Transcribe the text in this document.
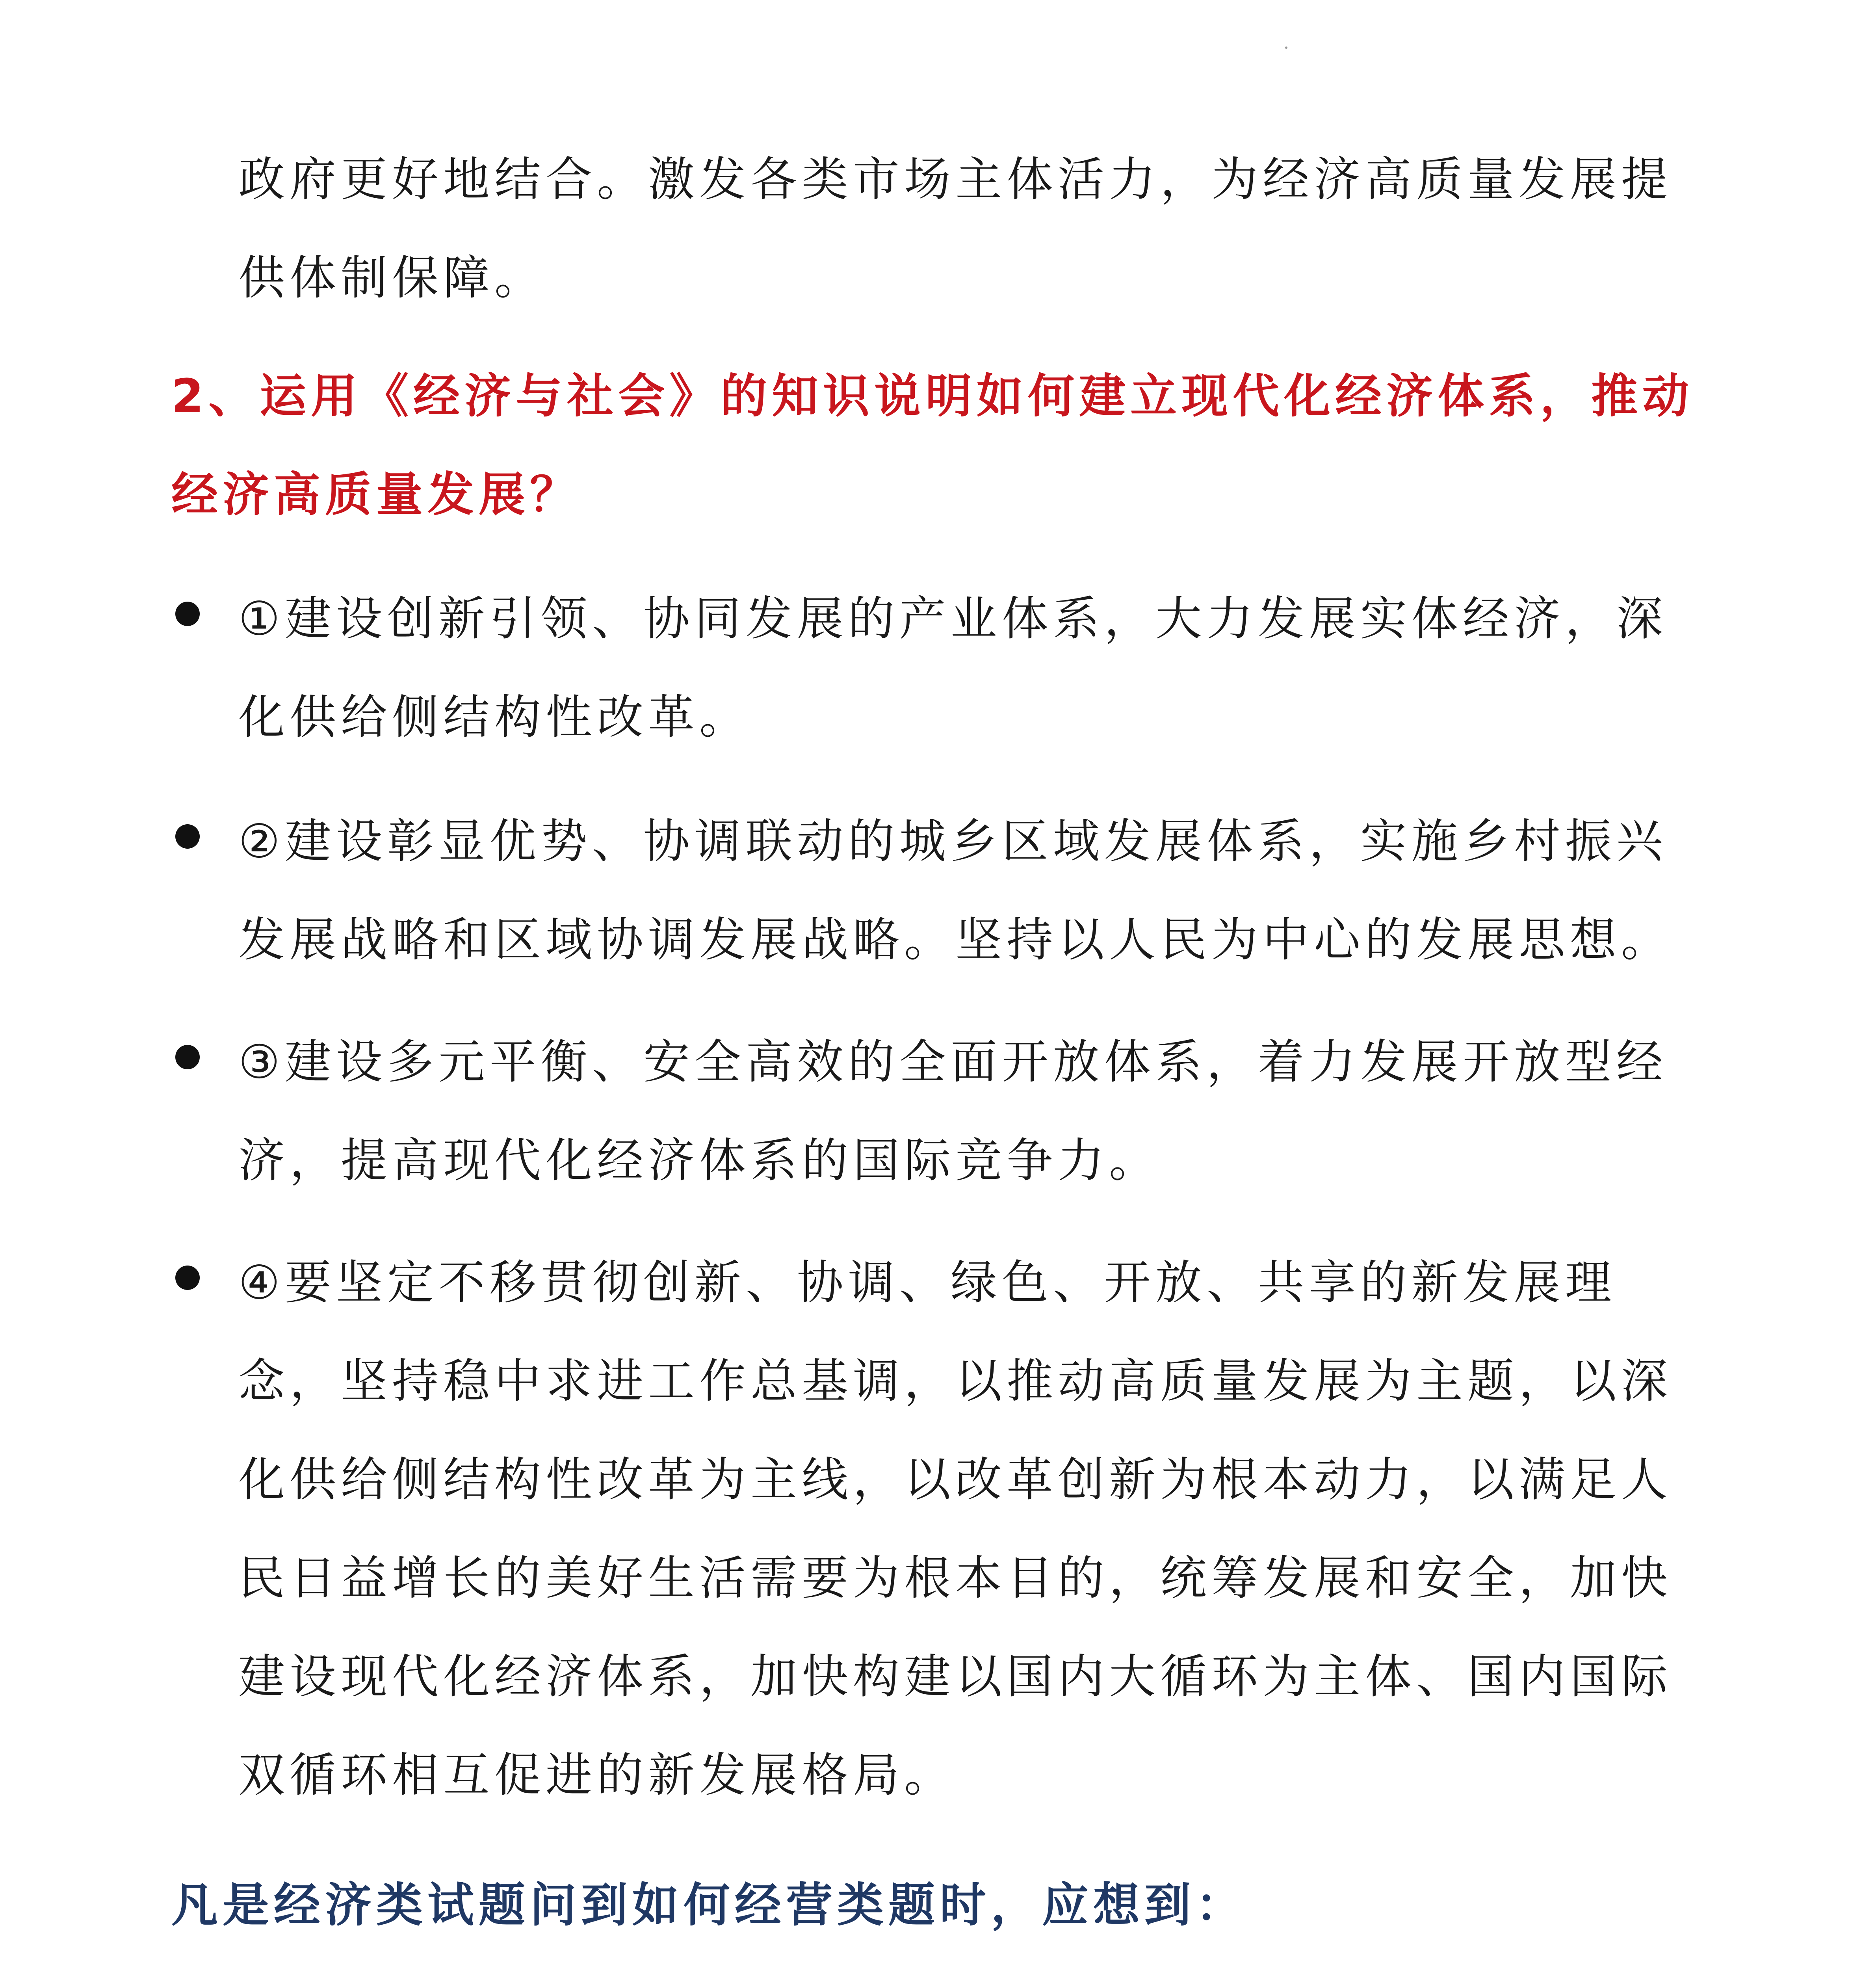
政府更好地结合。激发各类市场主体活力，为经济高质量发展提供体制保障。
2、运用《经济与社会》的知识说明如何建立现代化经济体系，推动经济高质量发展？
①建设创新引领、协同发展的产业体系，大力发展实体经济，深化供给侧结构性改革。
②建设彰显优势、协调联动的城乡区域发展体系，实施乡村振兴发展战略和区域协调发展战略。坚持以人民为中心的发展思想。
③建设多元平衡、安全高效的全面开放体系，着力发展开放型经济，提高现代化经济体系的国际竞争力。
④要坚定不移贯彻创新、协调、绿色、开放、共享的新发展理念，坚持稳中求进工作总基调，以推动高质量发展为主题，以深化供给侧结构性改革为主线，以改革创新为根本动力，以满足人民日益增长的美好生活需要为根本目的，统筹发展和安全，加快建设现代化经济体系，加快构建以国内大循环为主体、国内国际双循环相互促进的新发展格局。
凡是经济类试题问到如何经营类题时，应想到：
